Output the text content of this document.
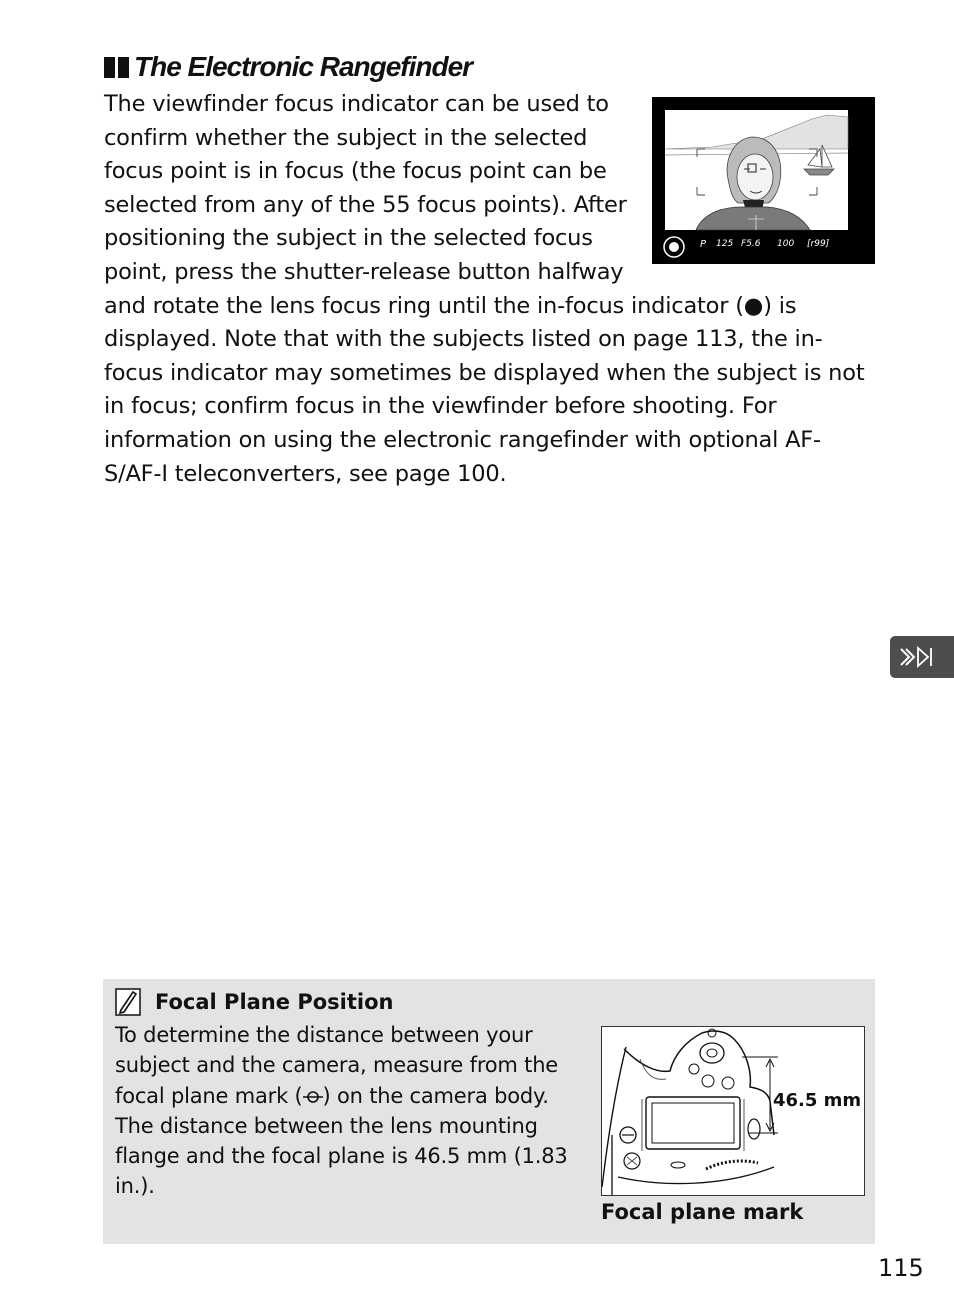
The Electronic Rangefinder

The viewfinder focus indicator can be used to confirm whether the subject in the selected focus point is in focus (the focus point can be selected from any of the 55 focus points). After positioning the subject in the selected focus point, press the shutter-release button halfway and rotate the lens focus ring until the in-focus indicator (●) is displayed. Note that with the subjects listed on page 113, the in-focus indicator may sometimes be displayed when the subject is not in focus; confirm focus in the viewfinder before shooting. For information on using the electronic rangefinder with optional AF-S/AF-I teleconverters, see page 100.

P 125 F5.6 100 [r99]
Focal Plane Position

To determine the distance between your subject and the camera, measure from the focal plane mark ( ) on the camera body. The distance between the lens mounting flange and the focal plane is 46.5 mm (1.83 in.).

46.5 mm
Focal plane mark
115
